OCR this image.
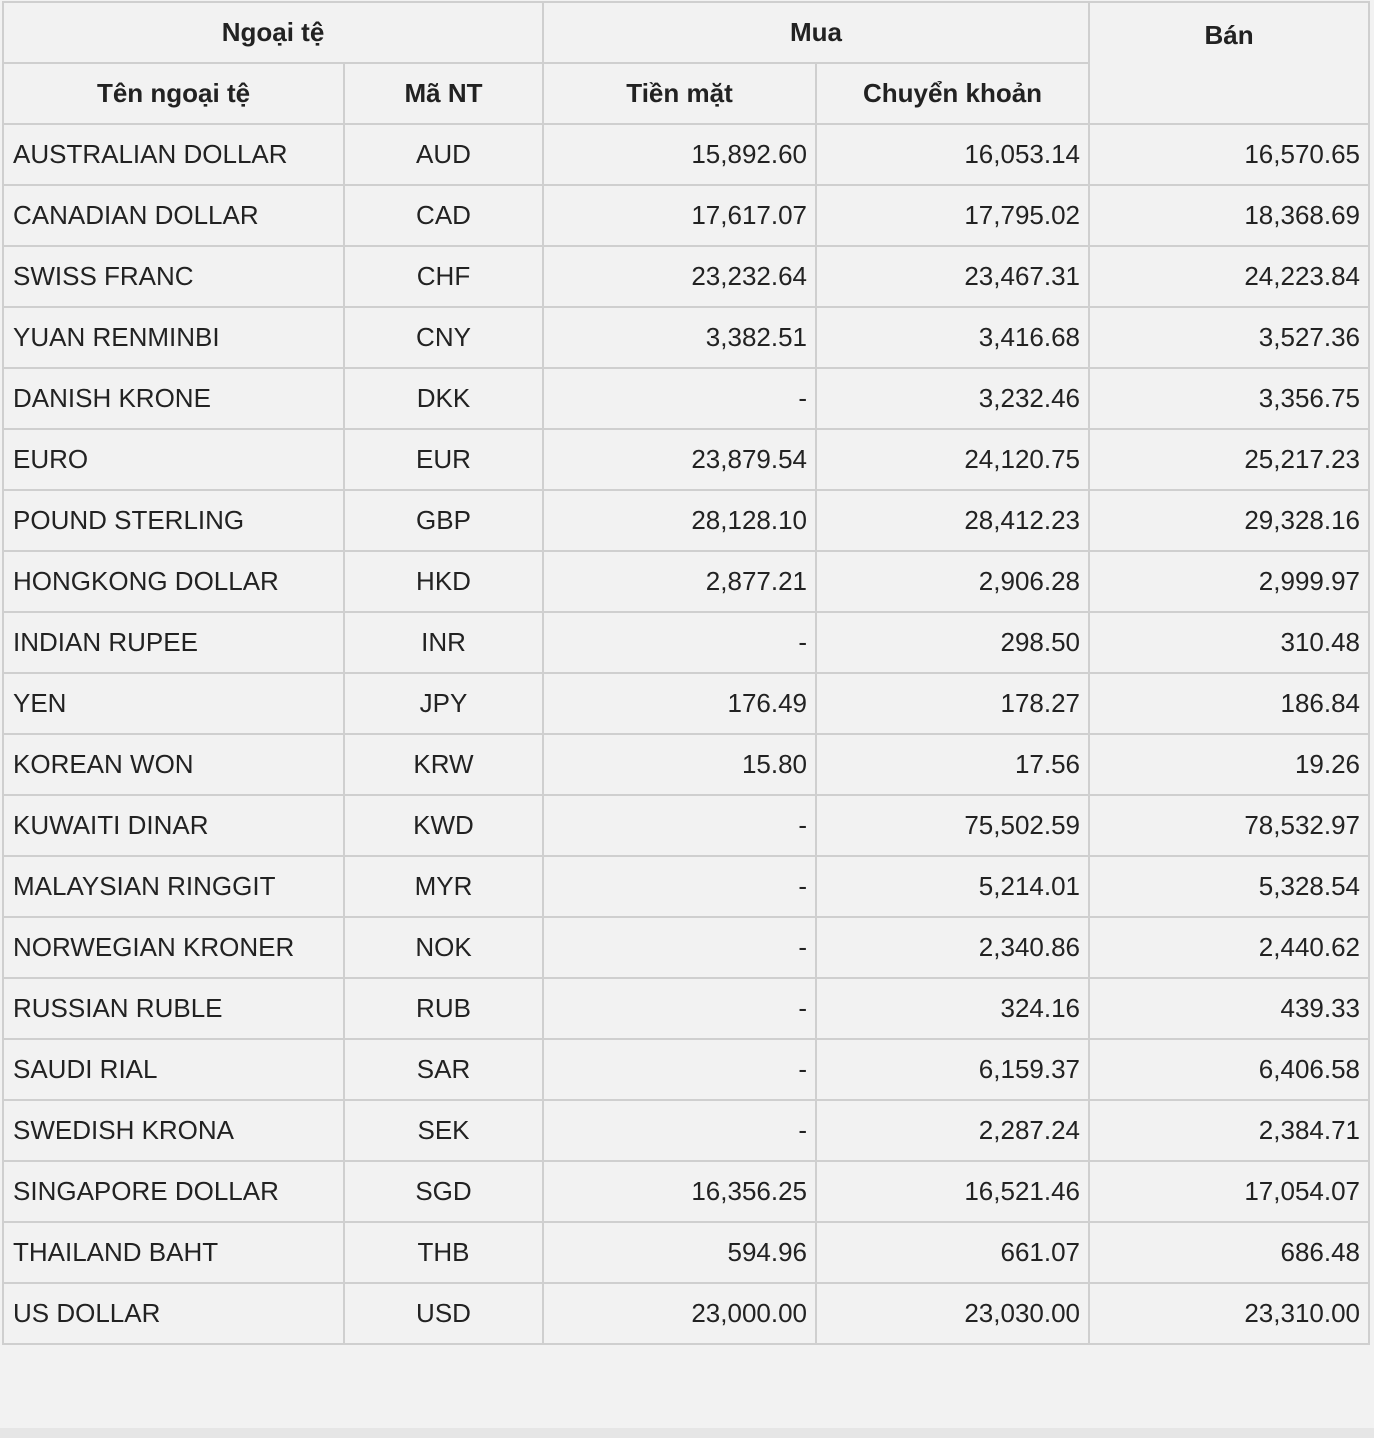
Ngoại tệ		Mua		Bán
Tên ngoại tệ	Mã NT	Tiền mặt	Chuyển khoản	
AUSTRALIAN DOLLAR	AUD	15,892.60	16,053.14	16,570.65
CANADIAN DOLLAR	CAD	17,617.07	17,795.02	18,368.69
SWISS FRANC	CHF	23,232.64	23,467.31	24,223.84
YUAN RENMINBI	CNY	3,382.51	3,416.68	3,527.36
DANISH KRONE	DKK	-	3,232.46	3,356.75
EURO	EUR	23,879.54	24,120.75	25,217.23
POUND STERLING	GBP	28,128.10	28,412.23	29,328.16
HONGKONG DOLLAR	HKD	2,877.21	2,906.28	2,999.97
INDIAN RUPEE	INR	-	298.50	310.48
YEN	JPY	176.49	178.27	186.84
KOREAN WON	KRW	15.80	17.56	19.26
KUWAITI DINAR	KWD	-	75,502.59	78,532.97
MALAYSIAN RINGGIT	MYR	-	5,214.01	5,328.54
NORWEGIAN KRONER	NOK	-	2,340.86	2,440.62
RUSSIAN RUBLE	RUB	-	324.16	439.33
SAUDI RIAL	SAR	-	6,159.37	6,406.58
SWEDISH KRONA	SEK	-	2,287.24	2,384.71
SINGAPORE DOLLAR	SGD	16,356.25	16,521.46	17,054.07
THAILAND BAHT	THB	594.96	661.07	686.48
US DOLLAR	USD	23,000.00	23,030.00	23,310.00
